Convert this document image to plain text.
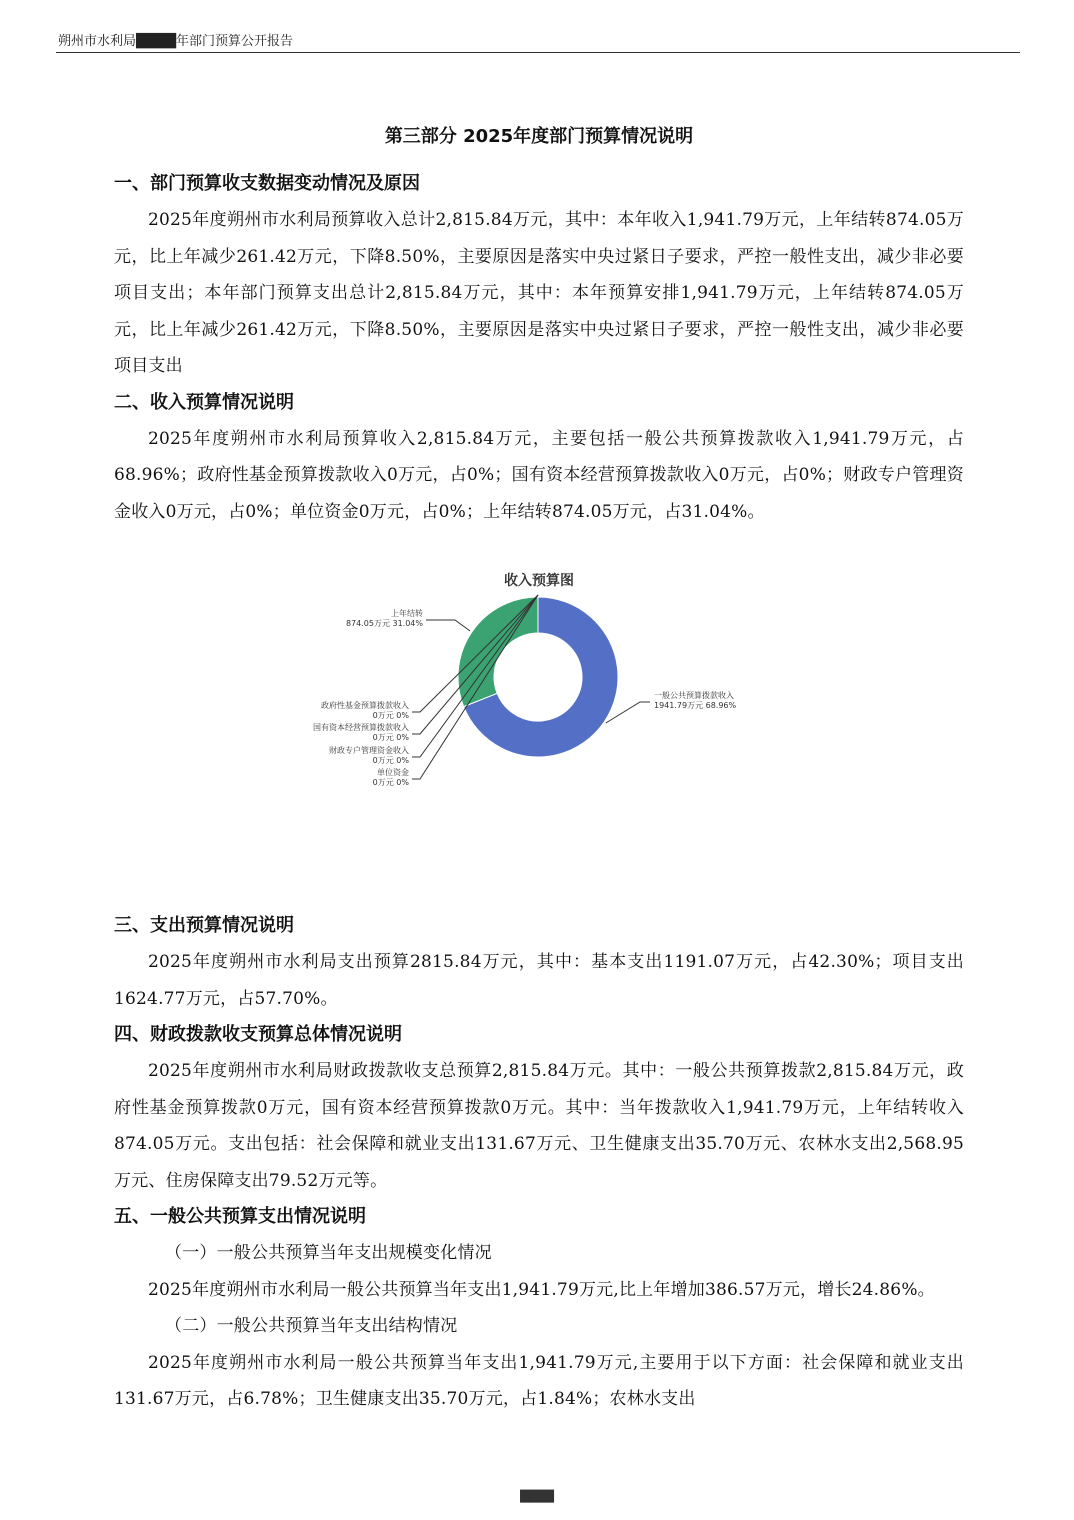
朔州市水利局████年部门预算公开报告
第三部分 2025年度部门预算情况说明
一、部门预算收支数据变动情况及原因

2025年度朔州市水利局预算收入总计2,815.84万元，其中：本年收入1,941.79万元，上年结转874.05万元，比上年减少261.42万元，下降8.50%，主要原因是落实中央过紧日子要求，严控一般性支出，减少非必要项目支出；本年部门预算支出总计2,815.84万元，其中：本年预算安排1,941.79万元，上年结转874.05万元，比上年减少261.42万元，下降8.50%，主要原因是落实中央过紧日子要求，严控一般性支出，减少非必要项目支出

二、收入预算情况说明

2025年度朔州市水利局预算收入2,815.84万元，主要包括一般公共预算拨款收入1,941.79万元，占68.96%；政府性基金预算拨款收入0万元，占0%；国有资本经营预算拨款收入0万元，占0%；财政专户管理资金收入0万元，占0%；单位资金0万元，占0%；上年结转874.05万元，占31.04%。

收入预算图
一般公共预算拨款收入
1941.79万元 68.96%
上年结转
874.05万元 31.04%
政府性基金预算拨款收入
0万元 0%
国有资本经营预算拨款收入
0万元 0%
财政专户管理资金收入
0万元 0%
单位资金
0万元 0%
三、支出预算情况说明

2025年度朔州市水利局支出预算2815.84万元，其中：基本支出1191.07万元，占42.30%；项目支出1624.77万元，占57.70%。

四、财政拨款收支预算总体情况说明

2025年度朔州市水利局财政拨款收支总预算2,815.84万元。其中：一般公共预算拨款2,815.84万元，政府性基金预算拨款0万元，国有资本经营预算拨款0万元。其中：当年拨款收入1,941.79万元，上年结转收入874.05万元。支出包括：社会保障和就业支出131.67万元、卫生健康支出35.70万元、农林水支出2,568.95万元、住房保障支出79.52万元等。

五、一般公共预算支出情况说明

（一）一般公共预算当年支出规模变化情况

2025年度朔州市水利局一般公共预算当年支出1,941.79万元,比上年增加386.57万元，增长24.86%。

（二）一般公共预算当年支出结构情况

2025年度朔州市水利局一般公共预算当年支出1,941.79万元,主要用于以下方面：社会保障和就业支出131.67万元，占6.78%；卫生健康支出35.70万元，占1.84%；农林水支出

████
